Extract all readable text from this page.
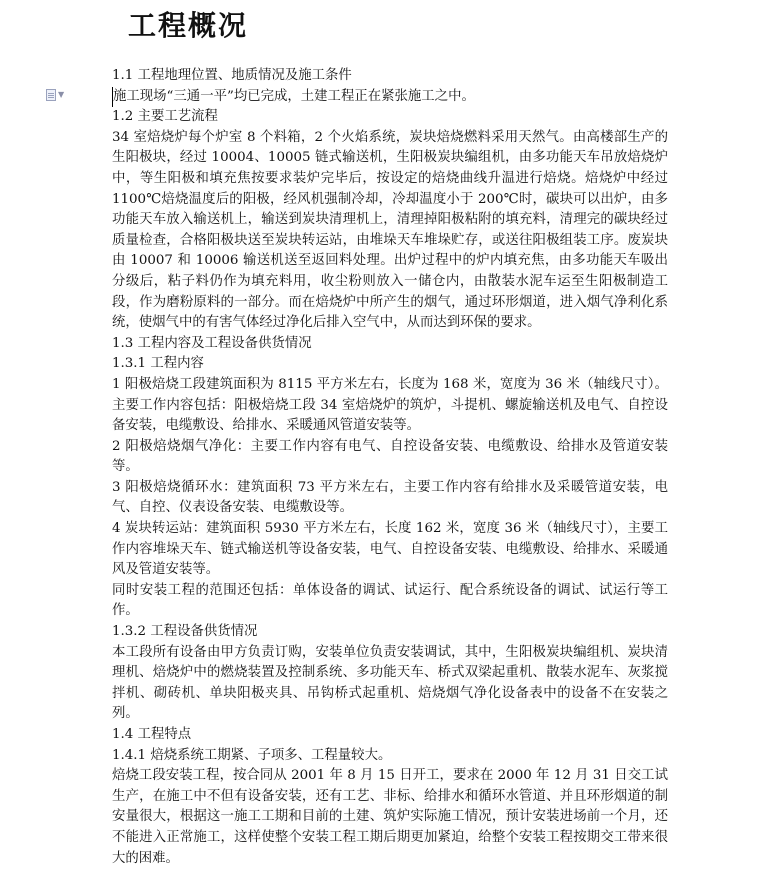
工程概况
▼

1.1 工程地理位置、地质情况及施工条件

施工现场“三通一平”均已完成，土建工程正在紧张施工之中。

1.2 主要工艺流程

34 室焙烧炉每个炉室 8 个料箱，2 个火焰系统，炭块焙烧燃料采用天然气。由高楼部生产的生阳极块，经过 10004、10005 链式输送机，生阳极炭块编组机，由多功能天车吊放焙烧炉中，等生阳极和填充焦按要求装炉完毕后，按设定的焙烧曲线升温进行焙烧。焙烧炉中经过 1100℃焙烧温度后的阳极，经风机强制冷却，冷却温度小于 200℃时，碳块可以出炉，由多功能天车放入输送机上，输送到炭块清理机上，清理掉阳极粘附的填充料，清理完的碳块经过质量检查，合格阳极块送至炭块转运站，由堆垛天车堆垛贮存，或送往阳极组装工序。废炭块由 10007 和 10006 输送机送至返回料处理。出炉过程中的炉内填充焦，由多功能天车吸出分级后，粘子料仍作为填充料用，收尘粉则放入一储仓内，由散装水泥车运至生阳极制造工段，作为磨粉原料的一部分。而在焙烧炉中所产生的烟气，通过环形烟道，进入烟气净利化系统，使烟气中的有害气体经过净化后排入空气中，从而达到环保的要求。

1.3 工程内容及工程设备供货情况

1.3.1 工程内容

1 阳极焙烧工段建筑面积为 8115 平方米左右，长度为 168 米，宽度为 36 米（轴线尺寸）。主要工作内容包括：阳极焙烧工段 34 室焙烧炉的筑炉，斗提机、螺旋输送机及电气、自控设备安装，电缆敷设、给排水、采暖通风管道安装等。

2 阳极焙烧烟气净化：主要工作内容有电气、自控设备安装、电缆敷设、给排水及管道安装等。

3 阳极焙烧循环水：建筑面积 73 平方米左右，主要工作内容有给排水及采暖管道安装，电气、自控、仪表设备安装、电缆敷设等。

4 炭块转运站：建筑面积 5930 平方米左右，长度 162 米，宽度 36 米（轴线尺寸），主要工作内容堆垛天车、链式输送机等设备安装，电气、自控设备安装、电缆敷设、给排水、采暖通风及管道安装等。

同时安装工程的范围还包括：单体设备的调试、试运行、配合系统设备的调试、试运行等工作。

1.3.2 工程设备供货情况

本工段所有设备由甲方负责订购，安装单位负责安装调试，其中，生阳极炭块编组机、炭块清理机、焙烧炉中的燃烧装置及控制系统、多功能天车、桥式双梁起重机、散装水泥车、灰浆搅拌机、砌砖机、单块阳极夹具、吊钩桥式起重机、焙烧烟气净化设备表中的设备不在安装之列。

1.4 工程特点

1.4.1 焙烧系统工期紧、子项多、工程量较大。

焙烧工段安装工程，按合同从 2001 年 8 月 15 日开工，要求在 2000 年 12 月 31 日交工试生产，在施工中不但有设备安装，还有工艺、非标、给排水和循环水管道、并且环形烟道的制安量很大，根据这一施工工期和目前的土建、筑炉实际施工情况，预计安装进场前一个月，还不能进入正常施工，这样使整个安装工程工期后期更加紧迫，给整个安装工程按期交工带来很大的困难。
